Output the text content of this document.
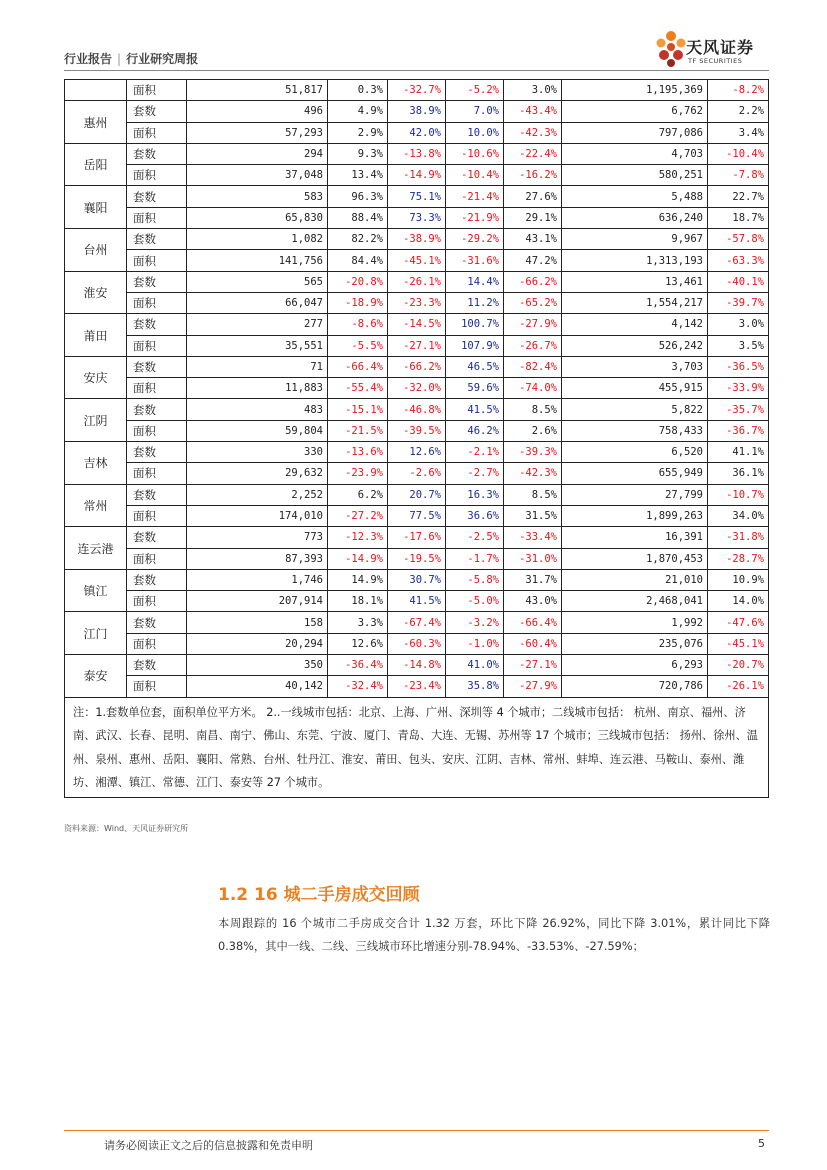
行业报告 | 行业研究周报
天风证券
TF SECURITIES
	面积	51,817	0.3%	-32.7%	-5.2%	3.0%	1,195,369	-8.2%
惠州	套数	496	4.9%	38.9%	7.0%	-43.4%	6,762	2.2%
	面积	57,293	2.9%	42.0%	10.0%	-42.3%	797,086	3.4%
岳阳	套数	294	9.3%	-13.8%	-10.6%	-22.4%	4,703	-10.4%
	面积	37,048	13.4%	-14.9%	-10.4%	-16.2%	580,251	-7.8%
襄阳	套数	583	96.3%	75.1%	-21.4%	27.6%	5,488	22.7%
	面积	65,830	88.4%	73.3%	-21.9%	29.1%	636,240	18.7%
台州	套数	1,082	82.2%	-38.9%	-29.2%	43.1%	9,967	-57.8%
	面积	141,756	84.4%	-45.1%	-31.6%	47.2%	1,313,193	-63.3%
淮安	套数	565	-20.8%	-26.1%	14.4%	-66.2%	13,461	-40.1%
	面积	66,047	-18.9%	-23.3%	11.2%	-65.2%	1,554,217	-39.7%
莆田	套数	277	-8.6%	-14.5%	100.7%	-27.9%	4,142	3.0%
	面积	35,551	-5.5%	-27.1%	107.9%	-26.7%	526,242	3.5%
安庆	套数	71	-66.4%	-66.2%	46.5%	-82.4%	3,703	-36.5%
	面积	11,883	-55.4%	-32.0%	59.6%	-74.0%	455,915	-33.9%
江阴	套数	483	-15.1%	-46.8%	41.5%	8.5%	5,822	-35.7%
	面积	59,804	-21.5%	-39.5%	46.2%	2.6%	758,433	-36.7%
吉林	套数	330	-13.6%	12.6%	-2.1%	-39.3%	6,520	41.1%
	面积	29,632	-23.9%	-2.6%	-2.7%	-42.3%	655,949	36.1%
常州	套数	2,252	6.2%	20.7%	16.3%	8.5%	27,799	-10.7%
	面积	174,010	-27.2%	77.5%	36.6%	31.5%	1,899,263	34.0%
连云港	套数	773	-12.3%	-17.6%	-2.5%	-33.4%	16,391	-31.8%
	面积	87,393	-14.9%	-19.5%	-1.7%	-31.0%	1,870,453	-28.7%
镇江	套数	1,746	14.9%	30.7%	-5.8%	31.7%	21,010	10.9%
	面积	207,914	18.1%	41.5%	-5.0%	43.0%	2,468,041	14.0%
江门	套数	158	3.3%	-67.4%	-3.2%	-66.4%	1,992	-47.6%
	面积	20,294	12.6%	-60.3%	-1.0%	-60.4%	235,076	-45.1%
泰安	套数	350	-36.4%	-14.8%	41.0%	-27.1%	6,293	-20.7%
	面积	40,142	-32.4%	-23.4%	35.8%	-27.9%	720,786	-26.1%
注：1.套数单位套，面积单位平方米。 2..一线城市包括：北京、上海、广州、深圳等 4 个城市；二线城市包括： 杭州、南京、福州、济南、武汉、长春、昆明、南昌、南宁、佛山、东莞、宁波、厦门、青岛、大连、无锡、苏州等 17 个城市；三线城市包括： 扬州、徐州、温州、泉州、惠州、岳阳、襄阳、常熟、台州、牡丹江、淮安、莆田、包头、安庆、江阴、吉林、常州、蚌埠、连云港、马鞍山、泰州、潍坊、湘潭、镇江、常德、江门、泰安等 27 个城市。								
资料来源：Wind、天风证券研究所
1.2 16 城二手房成交回顾
本周跟踪的 16 个城市二手房成交合计 1.32 万套，环比下降 26.92%，同比下降 3.01%，累计同比下降 0.38%，其中一线、二线、三线城市环比增速分别-78.94%、-33.53%、-27.59%；
请务必阅读正文之后的信息披露和免责申明	5
